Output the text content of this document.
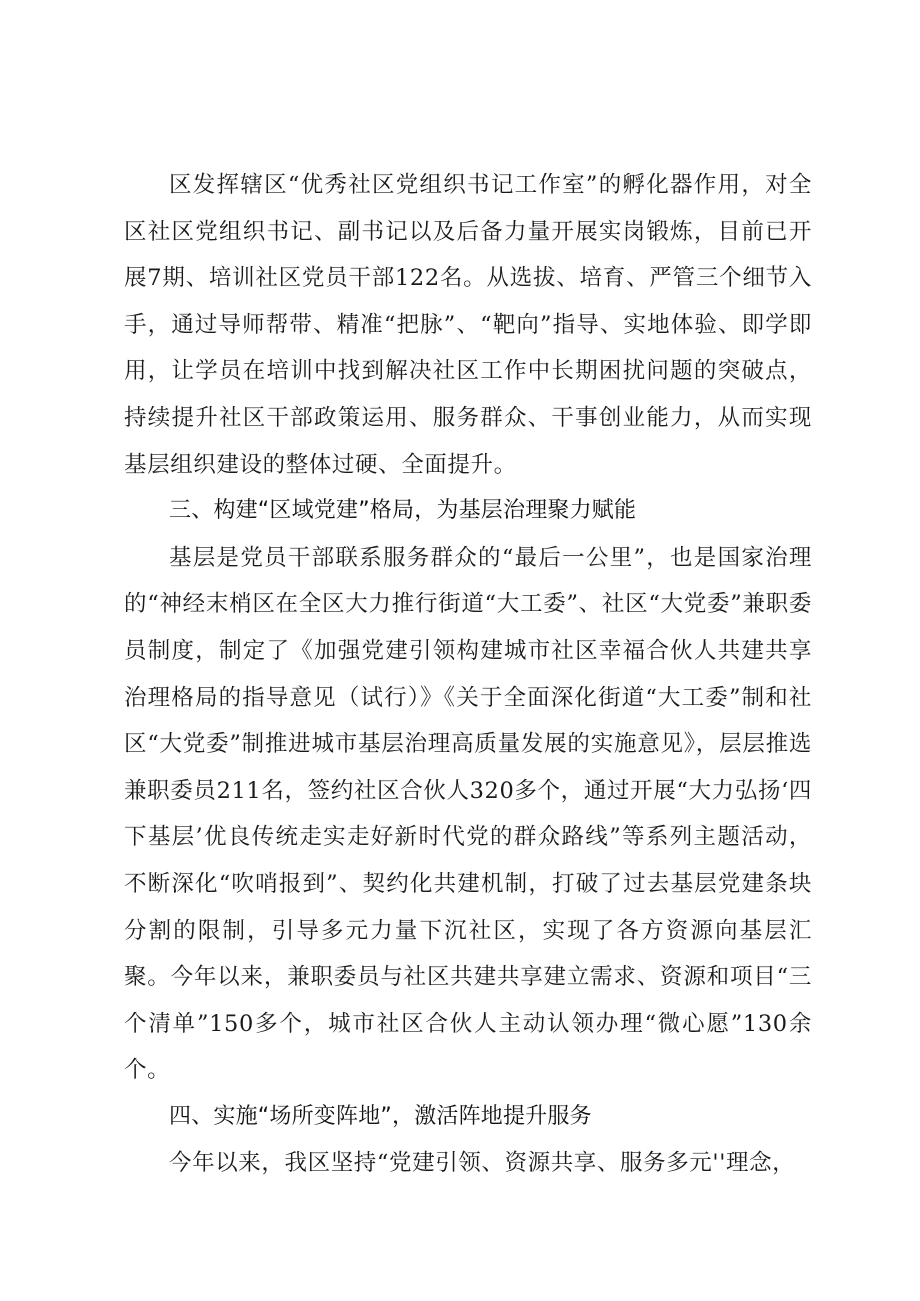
区发挥辖区“优秀社区党组织书记工作室”的孵化器作用，对全区社区党组织书记、副书记以及后备力量开展实岗锻炼，目前已开展7期、培训社区党员干部122名。从选拔、培育、严管三个细节入手，通过导师帮带、精准“把脉”、“靶向”指导、实地体验、即学即用，让学员在培训中找到解决社区工作中长期困扰问题的突破点，持续提升社区干部政策运用、服务群众、干事创业能力，从而实现基层组织建设的整体过硬、全面提升。

三、构建“区域党建”格局，为基层治理聚力赋能

基层是党员干部联系服务群众的“最后一公里”，也是国家治理的“神经末梢区在全区大力推行街道“大工委”、社区“大党委”兼职委员制度，制定了《加强党建引领构建城市社区幸福合伙人共建共享治理格局的指导意见（试行）》《关于全面深化街道“大工委”制和社区“大党委”制推进城市基层治理高质量发展的实施意见》，层层推选兼职委员211名，签约社区合伙人320多个，通过开展“大力弘扬‘四下基层’优良传统走实走好新时代党的群众路线”等系列主题活动，不断深化“吹哨报到”、契约化共建机制，打破了过去基层党建条块分割的限制，引导多元力量下沉社区，实现了各方资源向基层汇聚。今年以来，兼职委员与社区共建共享建立需求、资源和项目“三个清单”150多个，城市社区合伙人主动认领办理“微心愿”130余个。

四、实施“场所变阵地”，激活阵地提升服务

今年以来，我区坚持“党建引领、资源共享、服务多元''理念，
